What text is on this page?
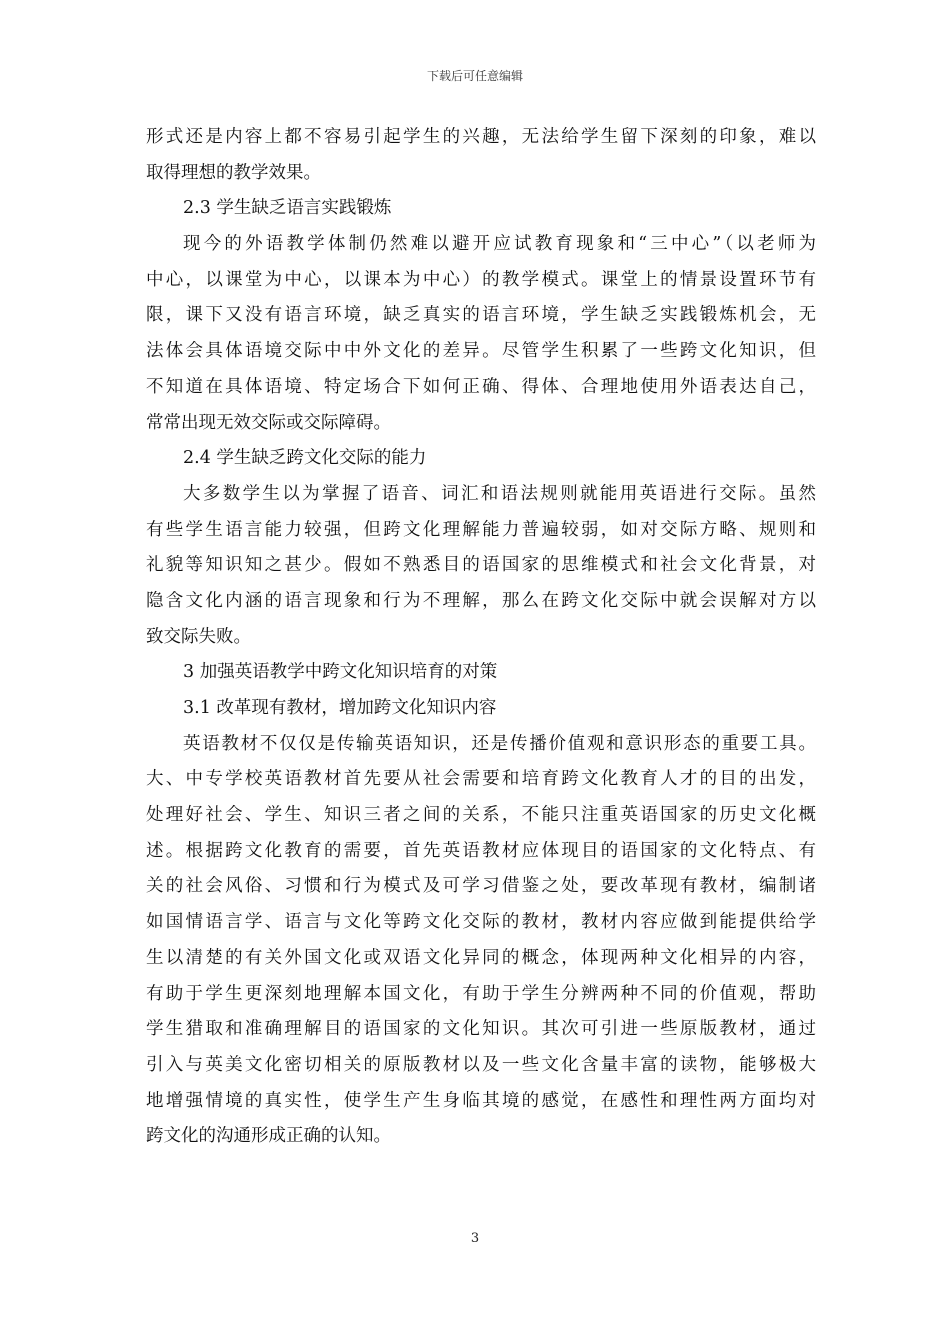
下载后可任意编辑
形式还是内容上都不容易引起学生的兴趣，无法给学生留下深刻的印象，难以
取得理想的教学效果。
2.3 学生缺乏语言实践锻炼
现今的外语教学体制仍然难以避开应试教育现象和“三中心”（以老师为
中心，以课堂为中心，以课本为中心）的教学模式。课堂上的情景设置环节有
限，课下又没有语言环境，缺乏真实的语言环境，学生缺乏实践锻炼机会，无
法体会具体语境交际中中外文化的差异。尽管学生积累了一些跨文化知识，但
不知道在具体语境、特定场合下如何正确、得体、合理地使用外语表达自己，
常常出现无效交际或交际障碍。
2.4 学生缺乏跨文化交际的能力
大多数学生以为掌握了语音、词汇和语法规则就能用英语进行交际。虽然
有些学生语言能力较强，但跨文化理解能力普遍较弱，如对交际方略、规则和
礼貌等知识知之甚少。假如不熟悉目的语国家的思维模式和社会文化背景，对
隐含文化内涵的语言现象和行为不理解，那么在跨文化交际中就会误解对方以
致交际失败。
3 加强英语教学中跨文化知识培育的对策
3.1 改革现有教材，增加跨文化知识内容
英语教材不仅仅是传输英语知识，还是传播价值观和意识形态的重要工具。
大、中专学校英语教材首先要从社会需要和培育跨文化教育人才的目的出发，
处理好社会、学生、知识三者之间的关系，不能只注重英语国家的历史文化概
述。根据跨文化教育的需要，首先英语教材应体现目的语国家的文化特点、有
关的社会风俗、习惯和行为模式及可学习借鉴之处，要改革现有教材，编制诸
如国情语言学、语言与文化等跨文化交际的教材，教材内容应做到能提供给学
生以清楚的有关外国文化或双语文化异同的概念，体现两种文化相异的内容，
有助于学生更深刻地理解本国文化，有助于学生分辨两种不同的价值观，帮助
学生猎取和准确理解目的语国家的文化知识。其次可引进一些原版教材，通过
引入与英美文化密切相关的原版教材以及一些文化含量丰富的读物，能够极大
地增强情境的真实性，使学生产生身临其境的感觉，在感性和理性两方面均对
跨文化的沟通形成正确的认知。
3
